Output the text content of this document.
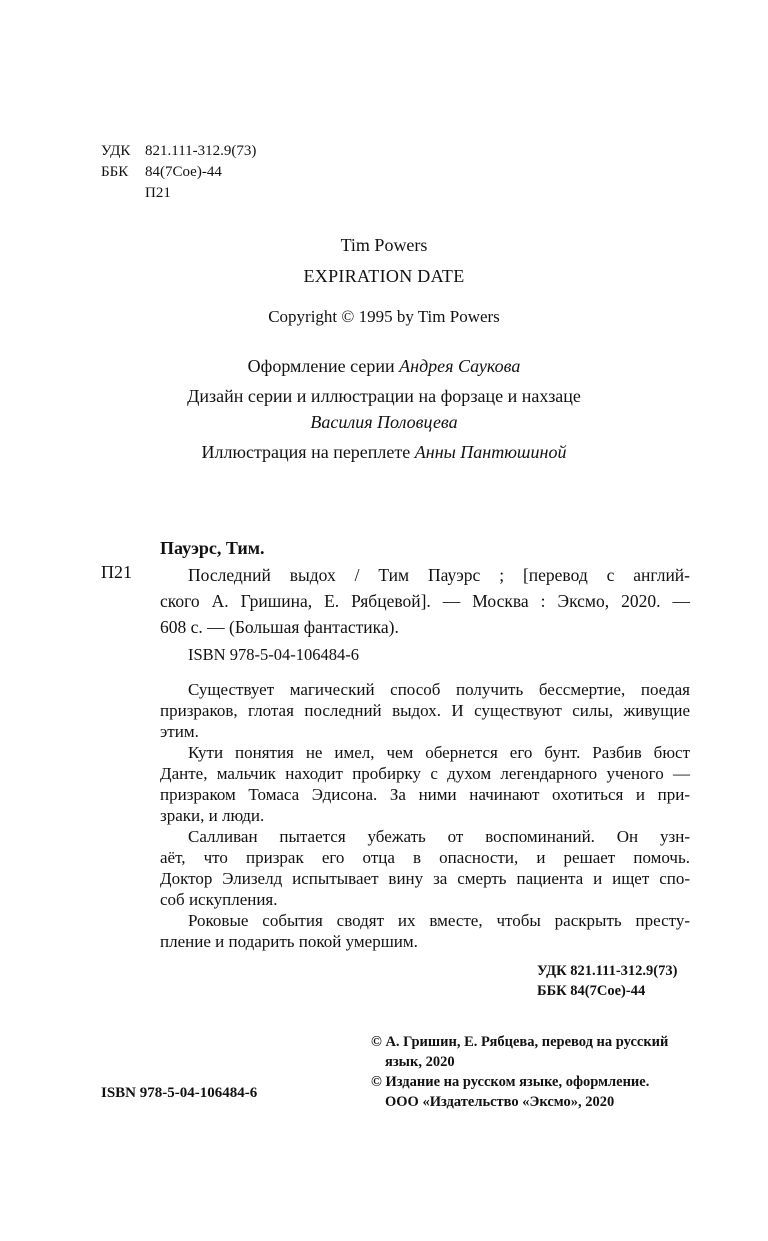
УДК 821.111-312.9(73)
ББК 84(7Сое)-44
П21
Tim Powers
EXPIRATION DATE
Copyright © 1995 by Tim Powers
Оформление серии Андрея Саукова
Дизайн серии и иллюстрации на форзаце и нахзаце
Василия Половцева
Иллюстрация на переплете Анны Пантюшиной
Пауэрс, Тим.
П21	Последний выдох / Тим Пауэрс ; [перевод с англий-
ского А. Гришина, Е. Рябцевой]. — Москва : Эксмо, 2020. —
608 с. — (Большая фантастика).
ISBN 978-5-04-106484-6
Существует магический способ получить бессмертие, поедая
призраков, глотая последний выдох. И существуют силы, живущие
этим.
Кути понятия не имел, чем обернется его бунт. Разбив бюст
Данте, мальчик находит пробирку с духом легендарного ученого —
призраком Томаса Эдисона. За ними начинают охотиться и при-
зраки, и люди.
Салливан пытается убежать от воспоминаний. Он узн-
аёт, что призрак его отца в опасности, и решает помочь.
Доктор Элизелд испытывает вину за смерть пациента и ищет спо-
соб искупления.
Роковые события сводят их вместе, чтобы раскрыть престу-
пление и подарить покой умершим.
УДК 821.111-312.9(73)
ББК 84(7Сое)-44
© А. Гришин, Е. Рябцева, перевод на русский
язык, 2020
© Издание на русском языке, оформление.
ООО «Издательство «Эксмо», 2020
ISBN 978-5-04-106484-6
